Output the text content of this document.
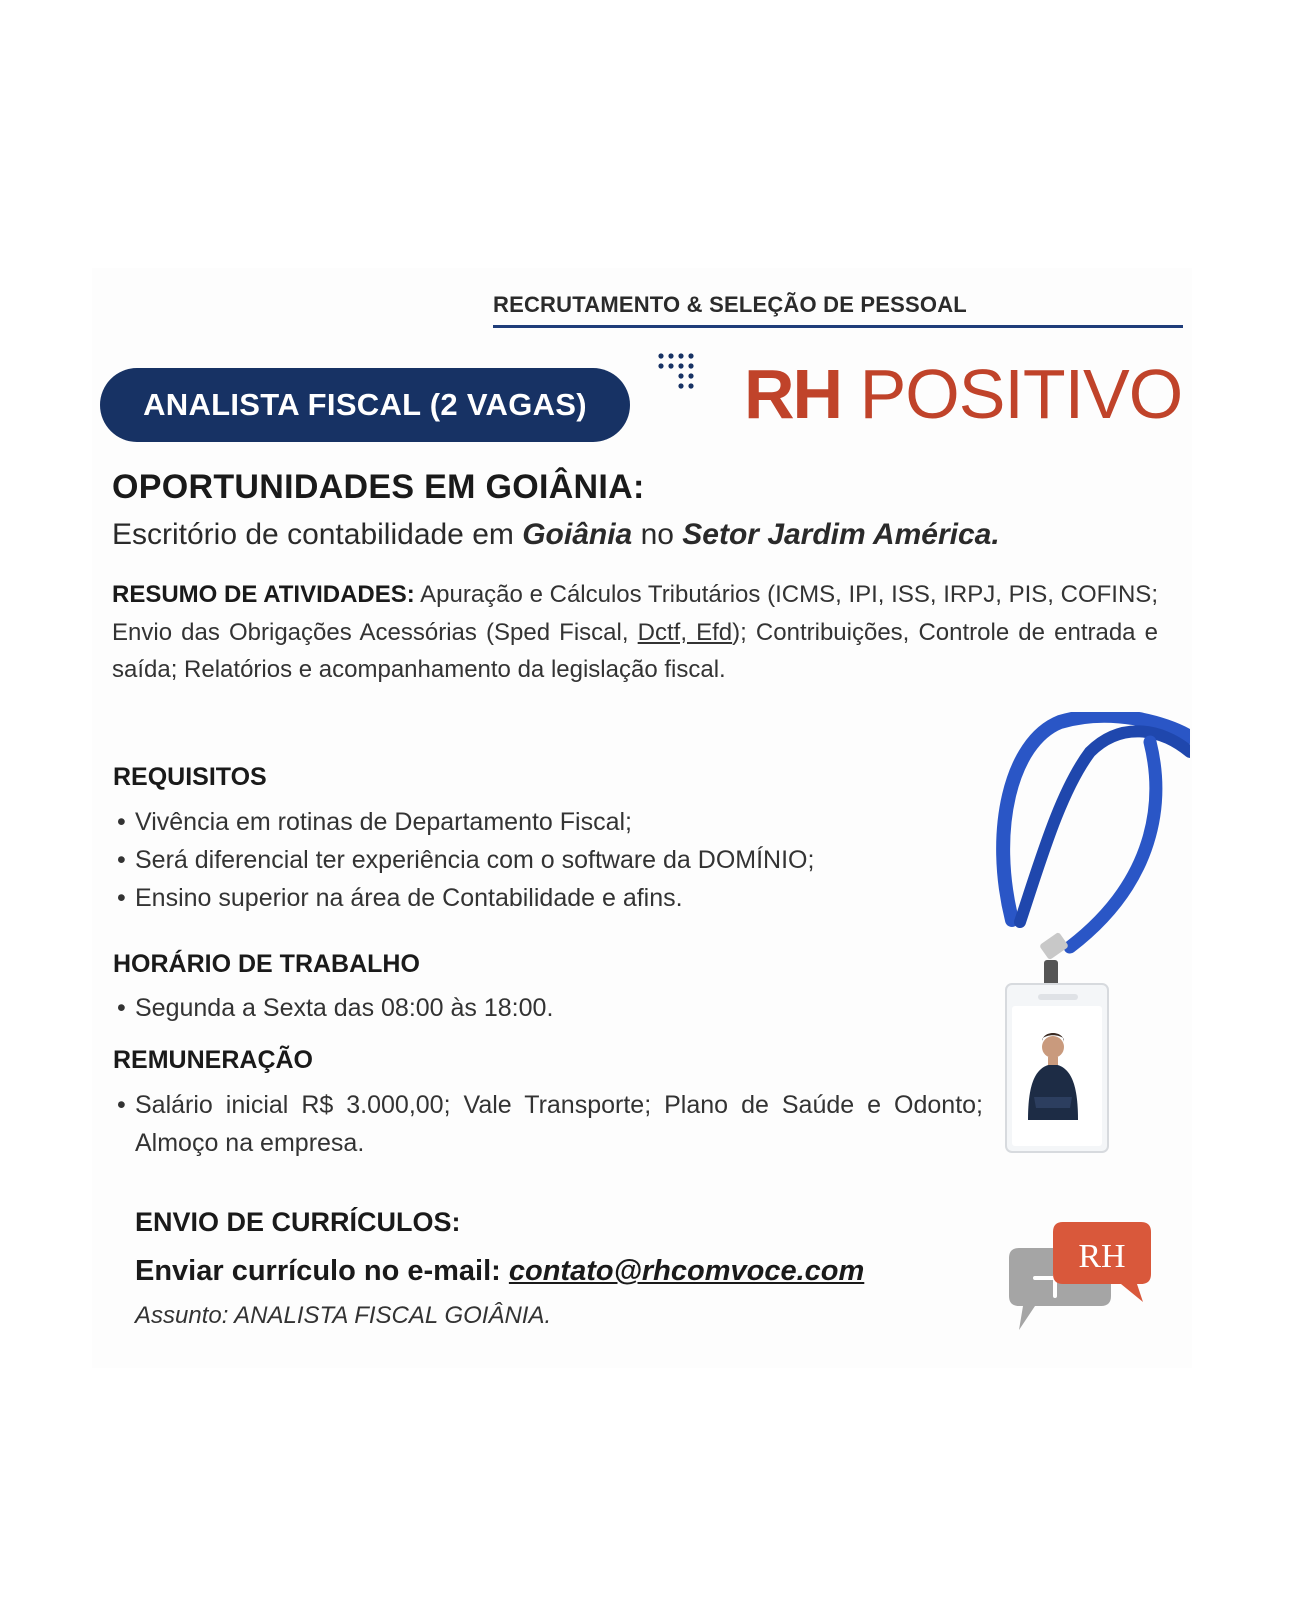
RECRUTAMENTO & SELEÇÃO DE PESSOAL
ANALISTA FISCAL (2 VAGAS)	RH POSITIVO
OPORTUNIDADES EM GOIÂNIA:
Escritório de contabilidade em Goiânia no Setor Jardim América.
RESUMO DE ATIVIDADES: Apuração e Cálculos Tributários (ICMS, IPI, ISS, IRPJ, PIS, COFINS; Envio das Obrigações Acessórias (Sped Fiscal, Dctf, Efd); Contribuições, Controle de entrada e saída; Relatórios e acompanhamento da legislação fiscal.
REQUISITOS
• Vivência em rotinas de Departamento Fiscal;
• Será diferencial ter experiência com o software da DOMÍNIO;
• Ensino superior na área de Contabilidade e afins.
HORÁRIO DE TRABALHO
• Segunda a Sexta das 08:00 às 18:00.
REMUNERAÇÃO
• Salário inicial R$ 3.000,00; Vale Transporte; Plano de Saúde e Odonto; Almoço na empresa.
ENVIO DE CURRÍCULOS:
Enviar currículo no e-mail: contato@rhcomvoce.com
Assunto: ANALISTA FISCAL GOIÂNIA.
RH
